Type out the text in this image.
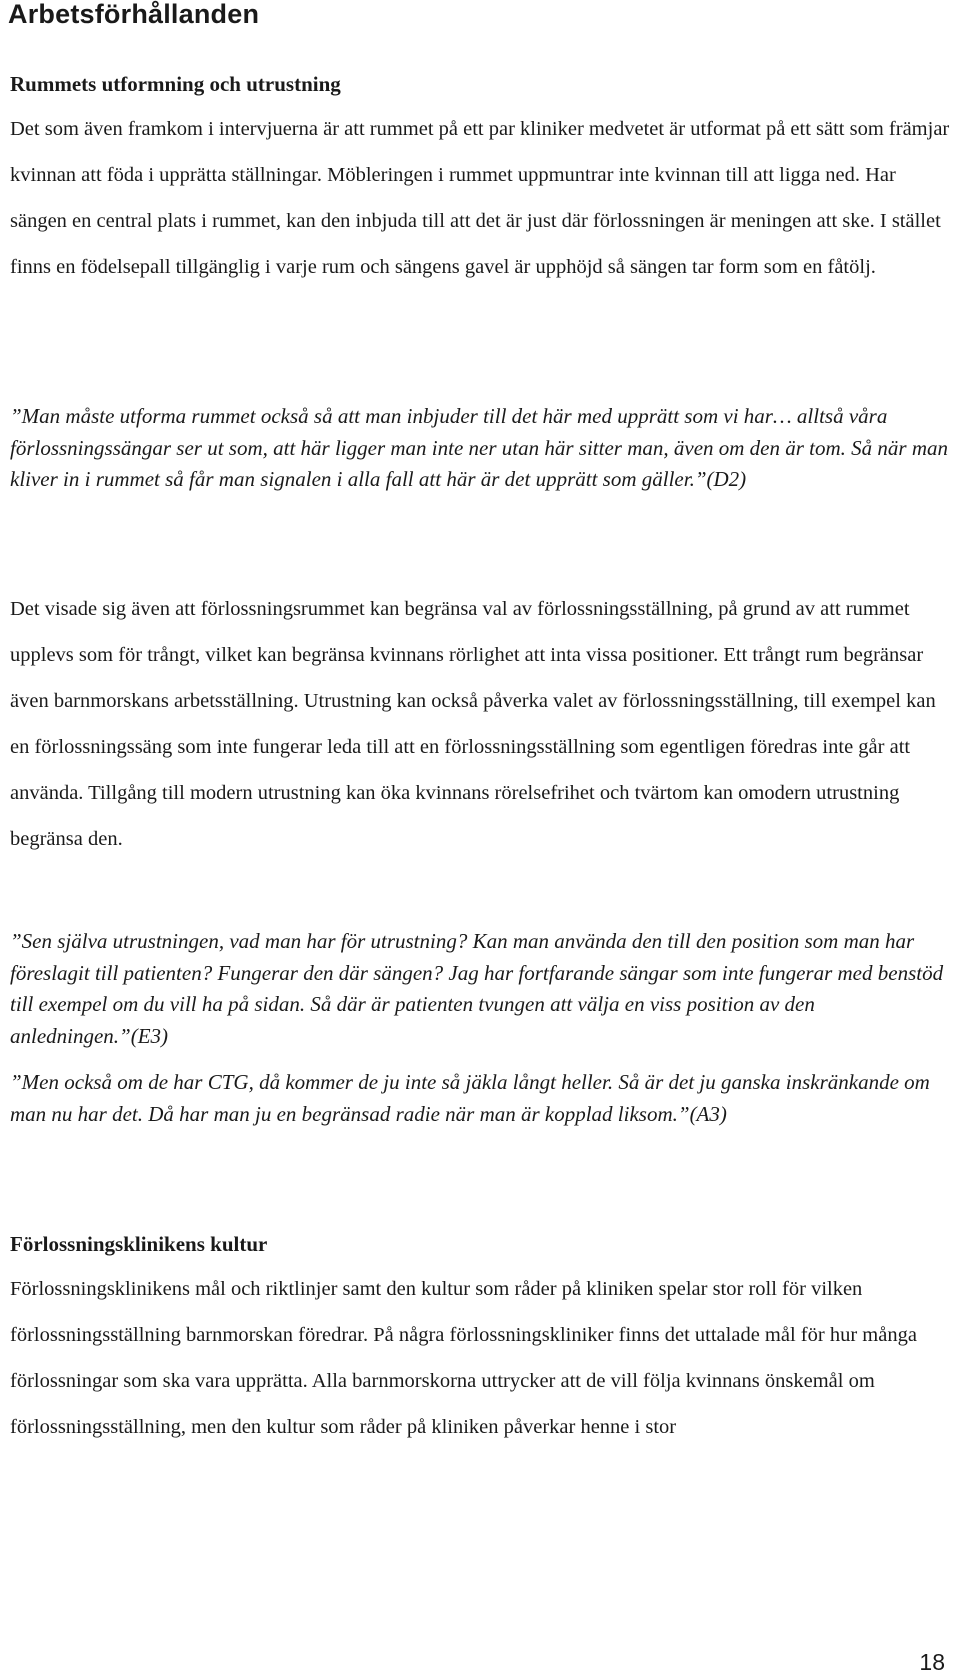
Arbetsförhållanden
Rummets utformning och utrustning

Det som även framkom i intervjuerna är att rummet på ett par kliniker medvetet är utformat på ett sätt som främjar kvinnan att föda i upprätta ställningar. Möbleringen i rummet uppmuntrar inte kvinnan till att ligga ned. Har sängen en central plats i rummet, kan den inbjuda till att det är just där förlossningen är meningen att ske. I stället finns en födelsepall tillgänglig i varje rum och sängens gavel är upphöjd så sängen tar form som en fåtölj.

”Man måste utforma rummet också så att man inbjuder till det här med upprätt som vi har… alltså våra förlossningssängar ser ut som, att här ligger man inte ner utan här sitter man, även om den är tom. Så när man kliver in i rummet så får man signalen i alla fall att här är det upprätt som gäller.”(D2)

Det visade sig även att förlossningsrummet kan begränsa val av förlossningsställning, på grund av att rummet upplevs som för trångt, vilket kan begränsa kvinnans rörlighet att inta vissa positioner. Ett trångt rum begränsar även barnmorskans arbetsställning. Utrustning kan också påverka valet av förlossningsställning, till exempel kan en förlossningssäng som inte fungerar leda till att en förlossningsställning som egentligen föredras inte går att använda. Tillgång till modern utrustning kan öka kvinnans rörelsefrihet och tvärtom kan omodern utrustning begränsa den.

”Sen själva utrustningen, vad man har för utrustning? Kan man använda den till den position som man har föreslagit till patienten? Fungerar den där sängen? Jag har fortfarande sängar som inte fungerar med benstöd till exempel om du vill ha på sidan. Så där är patienten tvungen att välja en viss position av den anledningen.”(E3)

”Men också om de har CTG, då kommer de ju inte så jäkla långt heller. Så är det ju ganska inskränkande om man nu har det. Då har man ju en begränsad radie när man är kopplad liksom.”(A3)

Förlossningsklinikens kultur

Förlossningsklinikens mål och riktlinjer samt den kultur som råder på kliniken spelar stor roll för vilken förlossningsställning barnmorskan föredrar. På några förlossningskliniker finns det uttalade mål för hur många förlossningar som ska vara upprätta. Alla barnmorskorna uttrycker att de vill följa kvinnans önskemål om förlossningsställning, men den kultur som råder på kliniken påverkar henne i stor

18
